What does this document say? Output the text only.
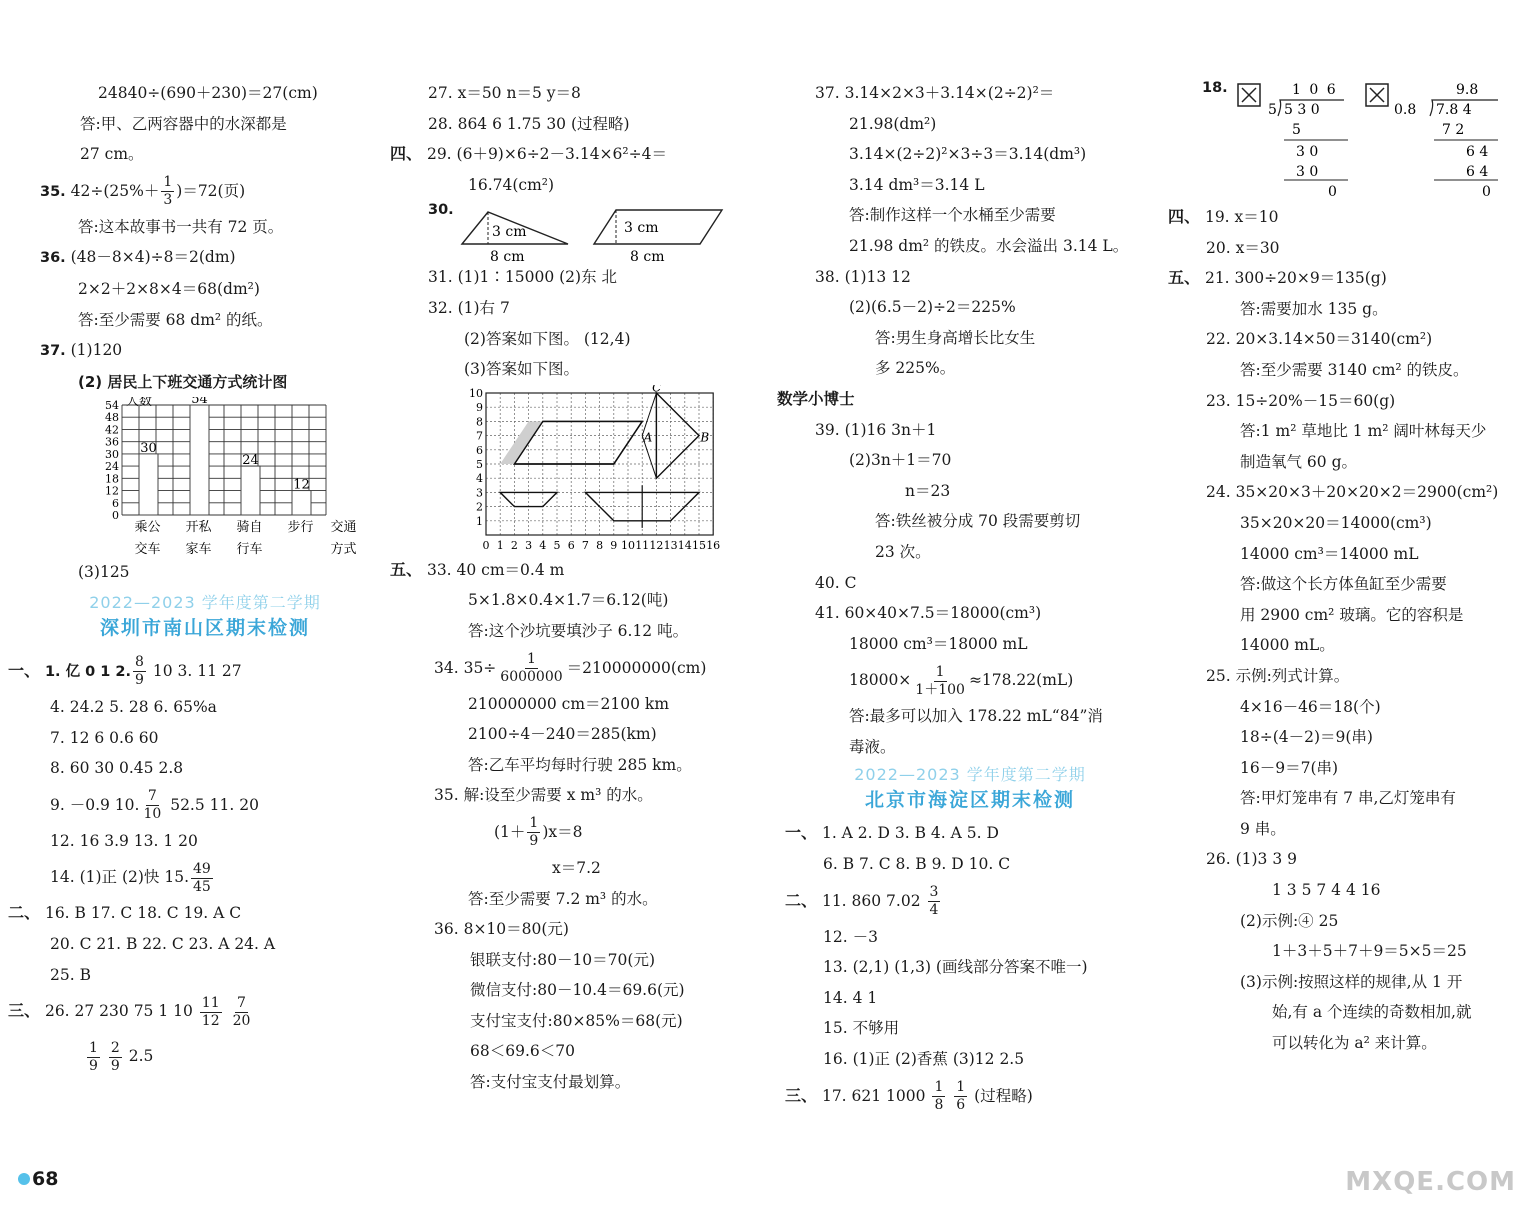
24840÷(690＋230)＝27(cm)
答:甲、乙两容器中的水深都是
27 cm。
35. $42\div(25\%+ \frac{1}{3} )=72$(页)
答:这本故事书一共有 72 页。
36. (48－8×4)÷8＝2(dm)
2×2＋2×8×4＝68(dm²)
答:至少需要 68 dm² 的纸。
37. (1)120
(2) 居民上下班交通方式统计图
54
48
42
36
30
24
18
12
6
0
人数
30
54
24
12
乘公 开私 骑自 步行 交通
交车 家车 行车	方式
(3)125
2022—2023 学年度第二学期
深圳市南山区期末检测
一、 1. 亿 0 1 2. $\frac{8}{9} 10$ 3. 11 27
4. 24.2 5. 28 6. 65%a
7. 12 6 0.6 60
8. 60 30 0.45 2.8
9. －0.9 10. $\frac{7}{10} 52.5$ 11. 20
12. 16 3.9 13. 1 20
14. (1)正 (2)快 15. $\frac{49}{45}$
二、 16. B 17. C 18. C 19. A C
20. C 21. B 22. C 23. A 24. A
25. B
三、 26. 27 230 75 1 $10 \frac{11}{12}$
$\frac{7}{20}$
$\frac{1}{9}$
$\frac{2}{9} 2.5$
68
27. x＝50 n＝5 y＝8
28. 864 6 1.75 30 (过程略)
四、 29. (6＋9)×6÷2－3.14×6²÷4＝
16.74(cm²)
30.
3 cm
8 cm
3 cm
8 cm
31. (1)1∶15000 (2)东 北
32. (1)右 7
(2)答案如下图。 (12,4)
(3)答案如下图。
0 1 2 3 4 5 6 7 8 9 10 11 12 13 14 15 16
10
9
8
7
6
5
4
3
2
1
C
A	B
五、 33. 40 cm＝0.4 m
5×1.8×0.4×1.7＝6.12(吨)
答:这个沙坑要填沙子 6.12 吨。
34. $35\div \frac{1}{6000000} =210000000(cm)$
210000000 cm＝2100 km
2100÷4－240＝285(km)
答:乙车平均每时行驶 285 km。
35. 解:设至少需要 x m³ 的水。
$(1+ \frac{1}{9} )x=8$
x＝7.2
答:至少需要 7.2 m³ 的水。
36. 8×10＝80(元)
银联支付:80－10＝70(元)
微信支付:80－10.4＝69.6(元)
支付宝支付:80×85%＝68(元)
68＜69.6＜70
答:支付宝支付最划算。
37. 3.14×2×3＋3.14×(2÷2)²＝
21.98(dm²)
3.14×(2÷2)²×3÷3＝3.14(dm³)
3.14 dm³＝3.14 L
答:制作这样一个水桶至少需要
21.98 dm² 的铁皮。水会溢出 3.14 L。
38. (1)13 12
(2)(6.5－2)÷2＝225%
答:男生身高增长比女生
多 225%。
数学小博士
39. (1)16 3n＋1
(2)3n＋1＝70
n＝23
答:铁丝被分成 70 段需要剪切
23 次。
40. C
41. 60×40×7.5＝18000(cm³)
18000 cm³＝18000 mL
$18000\times \frac{1}{1+100} \approx 178.22(mL)$
答:最多可以加入 178.22 mL“84”消
毒液。
2022—2023 学年度第二学期
北京市海淀区期末检测
一、 1. A 2. D 3. B 4. A 5. D
6. B 7. C 8. B 9. D 10. C
二、 11. 860 $7.02 \frac{3}{4}$
12. －3
13. (2,1) (1,3) (画线部分答案不唯一)
14. 4 1
15. 不够用
16. (1)正 (2)香蕉 (3)12 2.5
三、 17. 621 $1000 \frac{1}{8}$
$\frac{1}{6}$ (过程略)
18.	1 0 6
5 5 3 0
5
3 0
3 0
0
9.8
0.8 7.8 4
7 2
6 4
6 4
0
四、 19. x＝10
20. x＝30
五、 21. 300÷20×9＝135(g)
答:需要加水 135 g。
22. 20×3.14×50＝3140(cm²)
答:至少需要 3140 cm² 的铁皮。
23. 15÷20%－15＝60(g)
答:1 m² 草地比 1 m² 阔叶林每天少
制造氧气 60 g。
24. 35×20×3＋20×20×2＝2900(cm²)
35×20×20＝14000(cm³)
14000 cm³＝14000 mL
答:做这个长方体鱼缸至少需要
用 2900 cm² 玻璃。它的容积是
14000 mL。
25. 示例:列式计算。
4×16－46＝18(个)
18÷(4－2)＝9(串)
16－9＝7(串)
答:甲灯笼串有 7 串,乙灯笼串有
9 串。
26. (1)3 3 9
1 3 5 7 4 4 16
(2)示例:④ 25
1＋3＋5＋7＋9＝5×5＝25
(3)示例:按照这样的规律,从 1 开
始,有 a 个连续的奇数相加,就
可以转化为 a² 来计算。
MXQE.COM
